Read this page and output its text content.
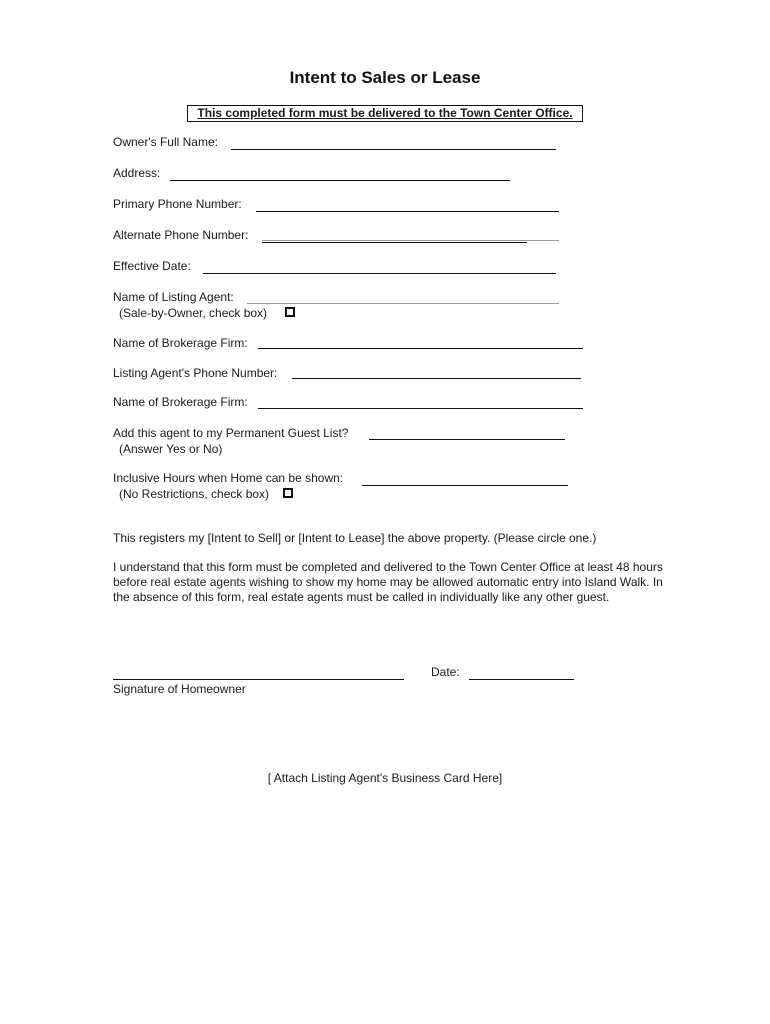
Intent to Sales or Lease
This completed form must be delivered to the Town Center Office.
Owner's Full Name:
Address:
Primary Phone Number:
Alternate Phone Number:
Effective Date:
Name of Listing Agent:
(Sale-by-Owner, check box)
Name of Brokerage Firm:
Listing Agent's Phone Number:
Name of Brokerage Firm:
Add this agent to my Permanent Guest List?
(Answer Yes or No)
Inclusive Hours when Home can be shown:
(No Restrictions, check box)
This registers my [Intent to Sell] or [Intent to Lease] the above property. (Please circle one.)
I understand that this form must be completed and delivered to the Town Center Office at least 48 hours before real estate agents wishing to show my home may be allowed automatic entry into Island Walk. In the absence of this form, real estate agents must be called in individually like any other guest.
Signature of Homeowner
Date:
[ Attach Listing Agent's Business Card Here]
